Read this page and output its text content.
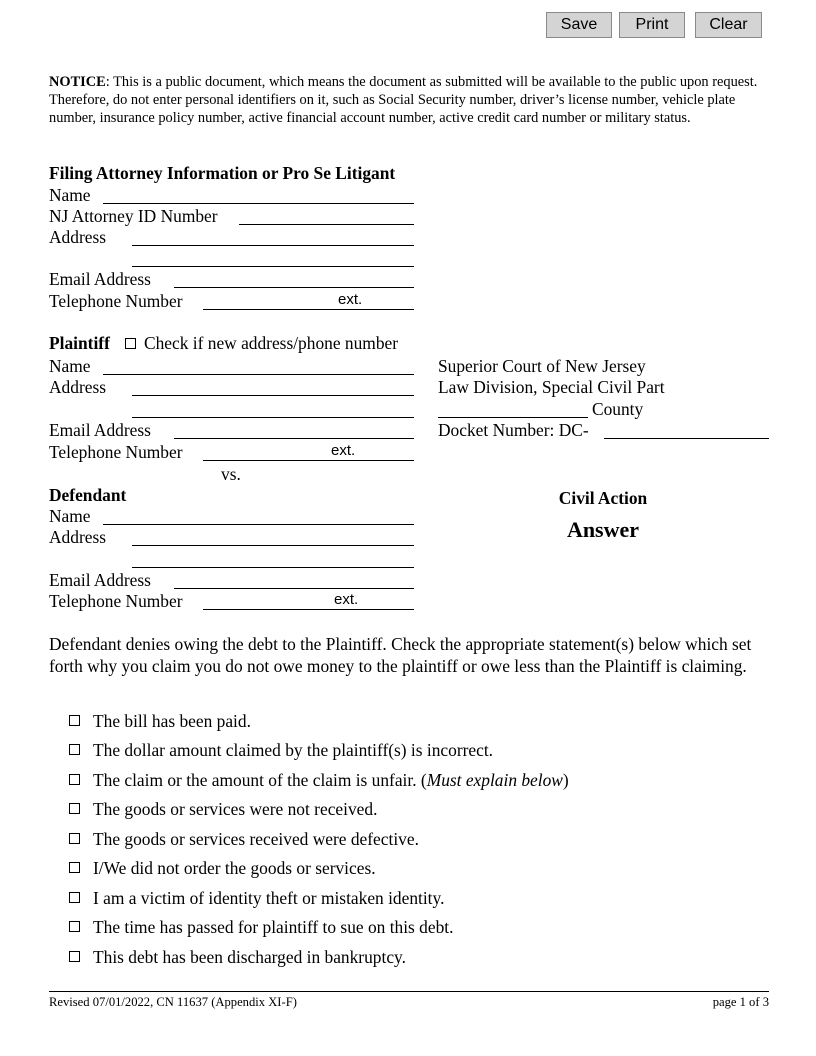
Save	Print	Clear
NOTICE: This is a public document, which means the document as submitted will be available to the public upon request. Therefore, do not enter personal identifiers on it, such as Social Security number, driver’s license number, vehicle plate number, insurance policy number, active financial account number, active credit card number or military status.
Filing Attorney Information or Pro Se Litigant
Name
NJ Attorney ID Number
Address
Email Address
Telephone Number	ext.
Plaintiff Check if new address/phone number
Name
Address
Email Address
Telephone Number	ext.
vs.
Defendant
Name
Address
Email Address
Telephone Number	ext.
Superior Court of New Jersey
Law Division, Special Civil Part
County
Docket Number: DC-
Civil Action
Answer
Defendant denies owing the debt to the Plaintiff. Check the appropriate statement(s) below which set forth why you claim you do not owe money to the plaintiff or owe less than the Plaintiff is claiming.
The bill has been paid.
The dollar amount claimed by the plaintiff(s) is incorrect.
The claim or the amount of the claim is unfair. (Must explain below)
The goods or services were not received.
The goods or services received were defective.
I/We did not order the goods or services.
I am a victim of identity theft or mistaken identity.
The time has passed for plaintiff to sue on this debt.
This debt has been discharged in bankruptcy.
Revised 07/01/2022, CN 11637 (Appendix XI-F)	page 1 of 3
